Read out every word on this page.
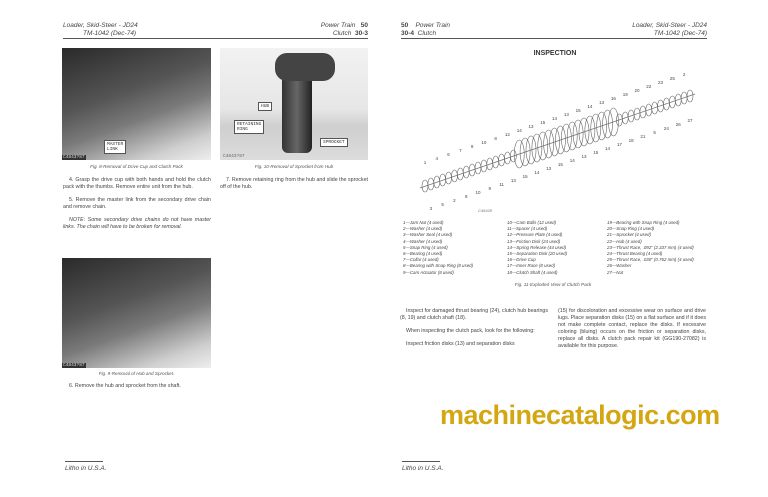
Loader, Skid-Steer - JD24
TM-1042 (Dec-74)
Power Train 50
Clutch 30-3
MASTER
LINK
C4843?87
Fig. 8-Removal of Drive Cup and Clutch Pack
HUB
RETAINING
RING
SPROCKET
C4843?87
Fig. 10-Removal of Sprocket from Hub
4. Grasp the drive cup with both hands and hold the clutch pack with the thumbs. Remove entire unit from the hub.
5. Remove the master link from the secondary drive chain and remove chain.
NOTE: Some secondary drive chains do not have master links. The chain will have to be broken for removal.
7. Remove retaining ring from the hub and slide the sprocket off of the hub.
C4843?87
Fig. 9-Removal of Hub and Sprocket.
6. Remove the hub and sprocket from the shaft.
Litho in U.S.A.
50 Power Train
30-4 Clutch
Loader, Skid-Steer - JD24
TM-1042 (Dec-74)
INSPECTION
C46428
1
3
4
5
6
2
7
8
9
10
10
9
8
11
12
13
14
15
13
14
15
13
14
15
13
14
15
13
14
15
13
14
16
17
19
18
20
21
22
5
23
24
25
26
2
27
1—Jam Nut (4 used)
2—Washer (4 used)
3—Washer Seal (4 used)
4—Washer (4 used)
5—Snap Ring (4 used)
6—Bearing (4 used)
7—Collar (4 used)
8—Bearing with Snap Ring (8 used)
9—Cam Actuator (8 used)
10—Cam Balls (12 used)
11—Spacer (4 used)
12—Pressure Plate (4 used)
13—Friction Disk (24 used)
14—Spring Release (44 used)
15—Separation Disk (20 used)
16—Drive Cup
17—Inner Race (8 used)
18—Clutch Shaft (4 used)
19—Bearing with Snap Ring (4 used)
20—Snap Ring (4 used)
21—Sprocket (4 used)
22—Hub (4 used)
23—Thrust Race, .092" (2.337 mm) (4 used)
24—Thrust Bearing (4 used)
25—Thrust Race, .030" (0.762 mm) (4 used)
26—Washer
27—Nut
Fig. 11-Exploded View of Clutch Pack
Inspect for damaged thrust bearing (24), clutch hub bearings (8, 19) and clutch shaft (18).
When inspecting the clutch pack, look for the following:
Inspect friction disks (13) and separation disks
(15) for discoloration and excessive wear on surface and drive lugs. Place separation disks (15) on a flat surface and if it does not make complete contact, replace the disks. If excessive coloring (bluing) occurs on the friction or separation disks, replace all disks. A clutch pack repair kit (GG190-27082) is available for this purpose.
machinecatalogic.com
Litho in U.S.A.
